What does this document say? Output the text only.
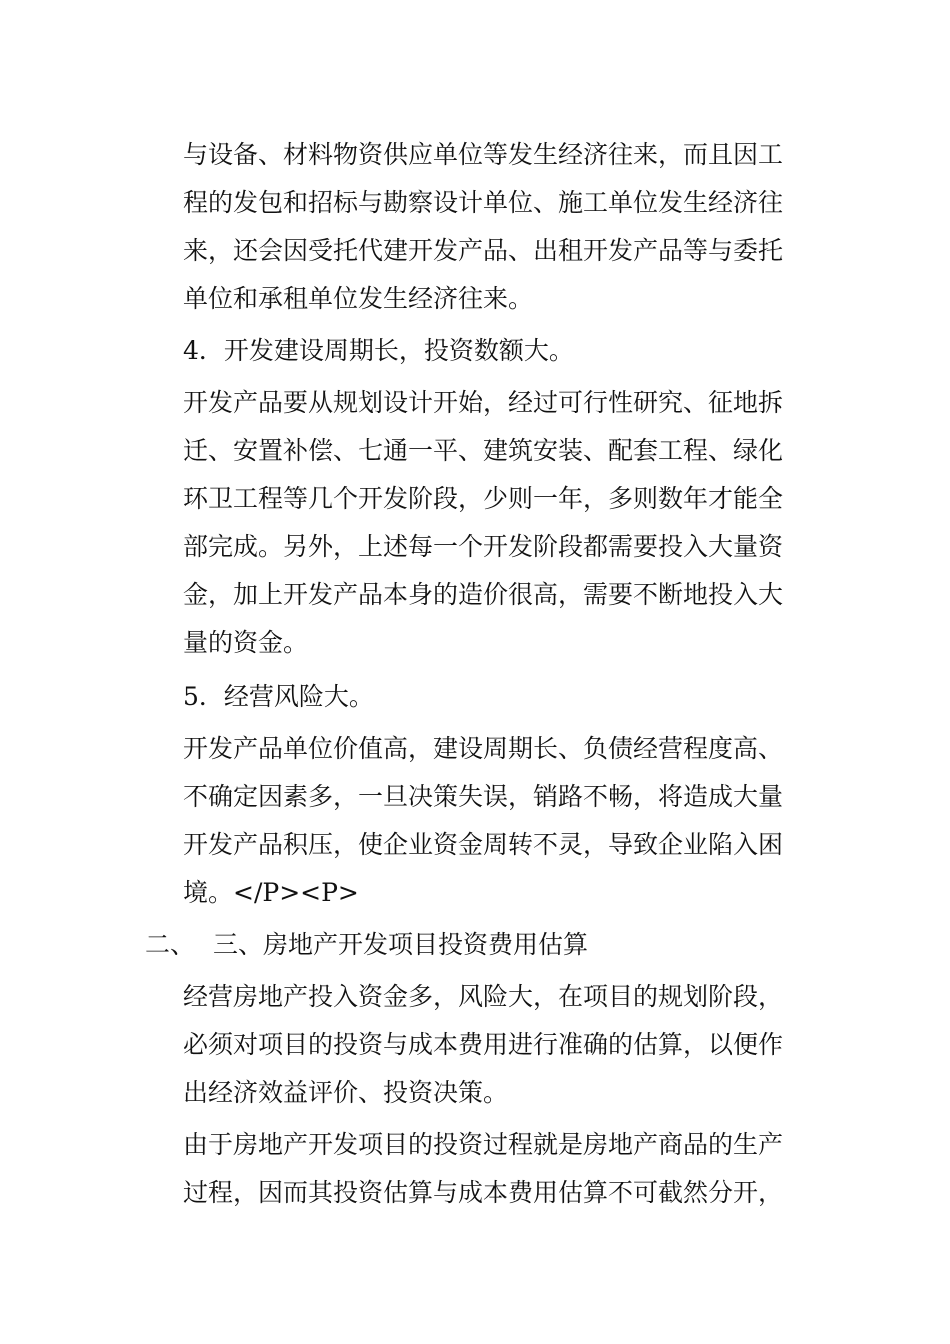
与设备、材料物资供应单位等发生经济往来，而且因工
程的发包和招标与勘察设计单位、施工单位发生经济往
来，还会因受托代建开发产品、出租开发产品等与委托
单位和承租单位发生经济往来。
4．开发建设周期长，投资数额大。
开发产品要从规划设计开始，经过可行性研究、征地拆
迁、安置补偿、七通一平、建筑安装、配套工程、绿化
环卫工程等几个开发阶段，少则一年，多则数年才能全
部完成。另外，上述每一个开发阶段都需要投入大量资
金，加上开发产品本身的造价很高，需要不断地投入大
量的资金。
5．经营风险大。
开发产品单位价值高，建设周期长、负债经营程度高、
不确定因素多，一旦决策失误，销路不畅，将造成大量
开发产品积压，使企业资金周转不灵，导致企业陷入困
境。</P><P>
二、 三、房地产开发项目投资费用估算
经营房地产投入资金多，风险大，在项目的规划阶段，
必须对项目的投资与成本费用进行准确的估算，以便作
出经济效益评价、投资决策。
由于房地产开发项目的投资过程就是房地产商品的生产
过程，因而其投资估算与成本费用估算不可截然分开，
